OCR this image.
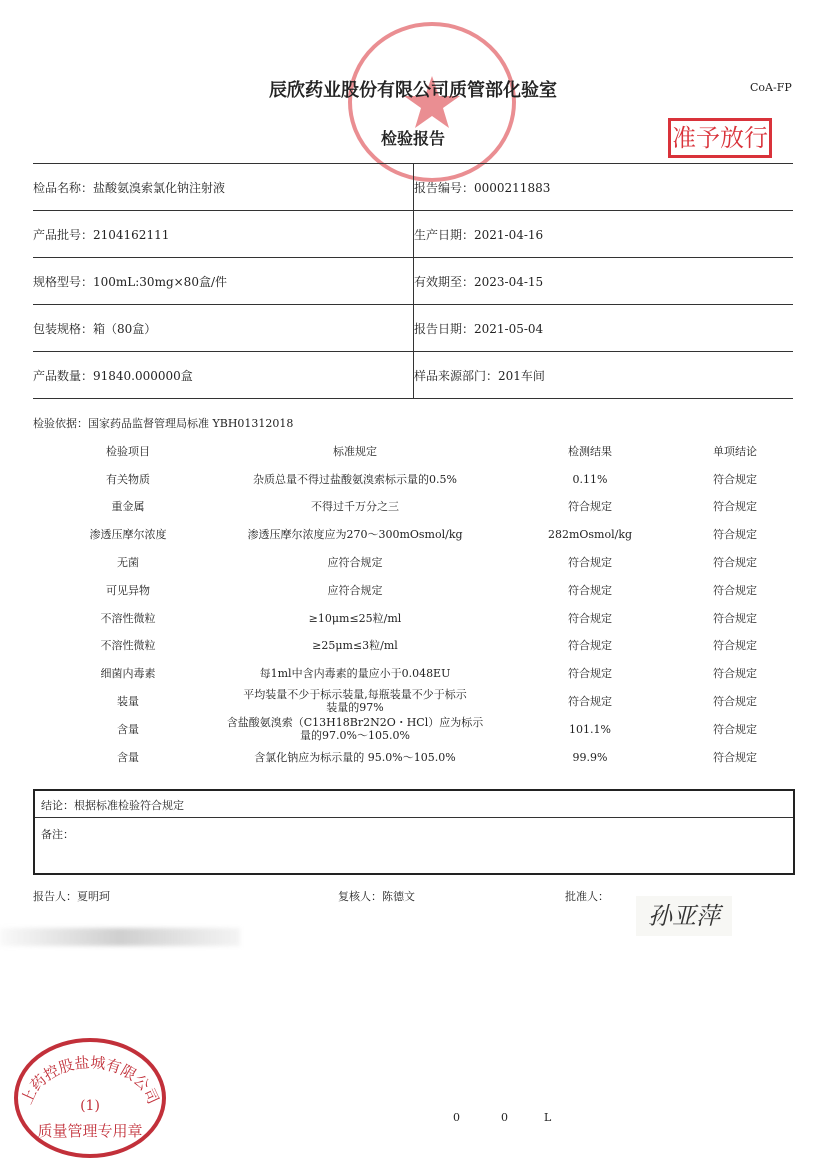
辰欣药业股份有限公司质管部化验室	CoA-FP
检验报告	准予放行
检品名称：盐酸氨溴索氯化钠注射液
产品批号：2104162111
规格型号：100mL:30mg×80盒/件
包装规格：箱（80盒）
产品数量：91840.000000盒
报告编号：0000211883
生产日期：2021-04-16
有效期至：2023-04-15
报告日期：2021-05-04
样品来源部门：201车间
检验依据：国家药品监督管理局标准 YBH01312018
检验项目	标准规定	检测结果	单项结论
有关物质	杂质总量不得过盐酸氨溴索标示量的0.5%	0.11%	符合规定
重金属	不得过千万分之三	符合规定	符合规定
渗透压摩尔浓度	渗透压摩尔浓度应为270～300mOsmol/kg	282mOsmol/kg	符合规定
无菌	应符合规定	符合规定	符合规定
可见异物	应符合规定	符合规定	符合规定
不溶性微粒	≥10μm≤25粒/ml	符合规定	符合规定
不溶性微粒	≥25μm≤3粒/ml	符合规定	符合规定
细菌内毒素	每1ml中含内毒素的量应小于0.048EU	符合规定	符合规定
装量	平均装量不少于标示装量,每瓶装量不少于标示
装量的97%	符合规定	符合规定
含量	含盐酸氨溴索（C13H18Br2N2O・HCl）应为标示
量的97.0%～105.0%	101.1%	符合规定
含量	含氯化钠应为标示量的 95.0%～105.0%	99.9%	符合规定
结论：根据标准检验符合规定
备注：
报告人：夏明珂	复核人：陈德文	批准人：
孙亚萍
上药控股盐城有限公司
(1)
质量管理专用章
0	0	L
